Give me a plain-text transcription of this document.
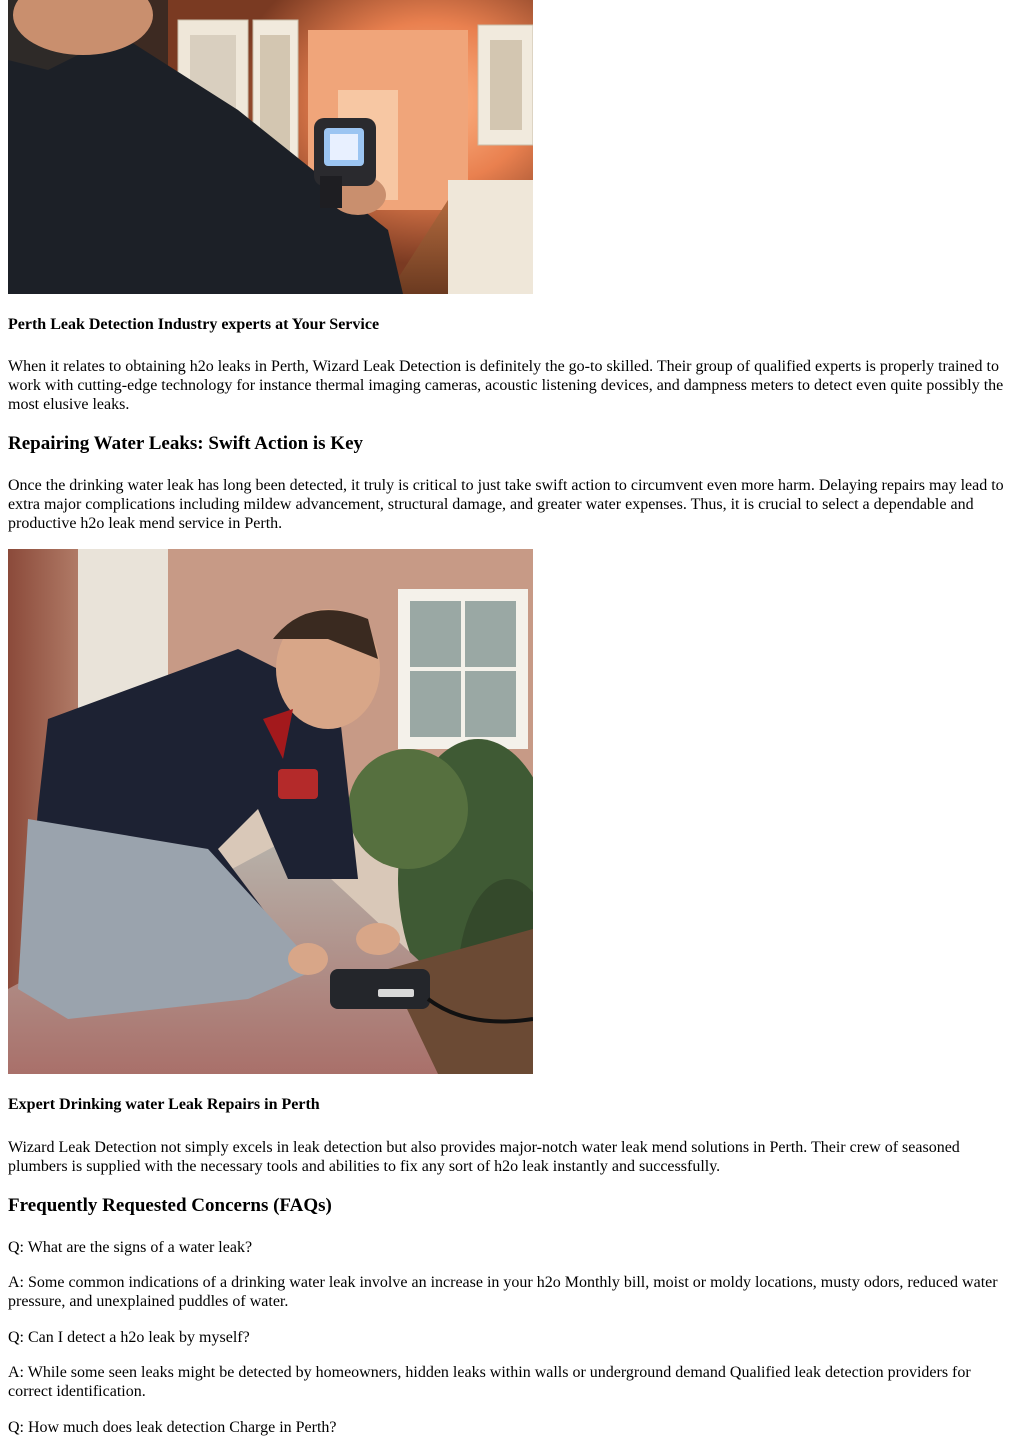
Perth Leak Detection Industry experts at Your Service

When it relates to obtaining h2o leaks in Perth, Wizard Leak Detection is definitely the go-to skilled. Their group of qualified experts is properly trained to work with cutting-edge technology for instance thermal imaging cameras, acoustic listening devices, and dampness meters to detect even quite possibly the most elusive leaks.

Repairing Water Leaks: Swift Action is Key

Once the drinking water leak has long been detected, it truly is critical to just take swift action to circumvent even more harm. Delaying repairs may lead to extra major complications including mildew advancement, structural damage, and greater water expenses. Thus, it is crucial to select a dependable and productive h2o leak mend service in Perth.

Expert Drinking water Leak Repairs in Perth

Wizard Leak Detection not simply excels in leak detection but also provides major-notch water leak mend solutions in Perth. Their crew of seasoned plumbers is supplied with the necessary tools and abilities to fix any sort of h2o leak instantly and successfully.

Frequently Requested Concerns (FAQs)

Q: What are the signs of a water leak?

A: Some common indications of a drinking water leak involve an increase in your h2o Monthly bill, moist or moldy locations, musty odors, reduced water pressure, and unexplained puddles of water.

Q: Can I detect a h2o leak by myself?

A: While some seen leaks might be detected by homeowners, hidden leaks within walls or underground demand Qualified leak detection providers for correct identification.

Q: How much does leak detection Charge in Perth?
